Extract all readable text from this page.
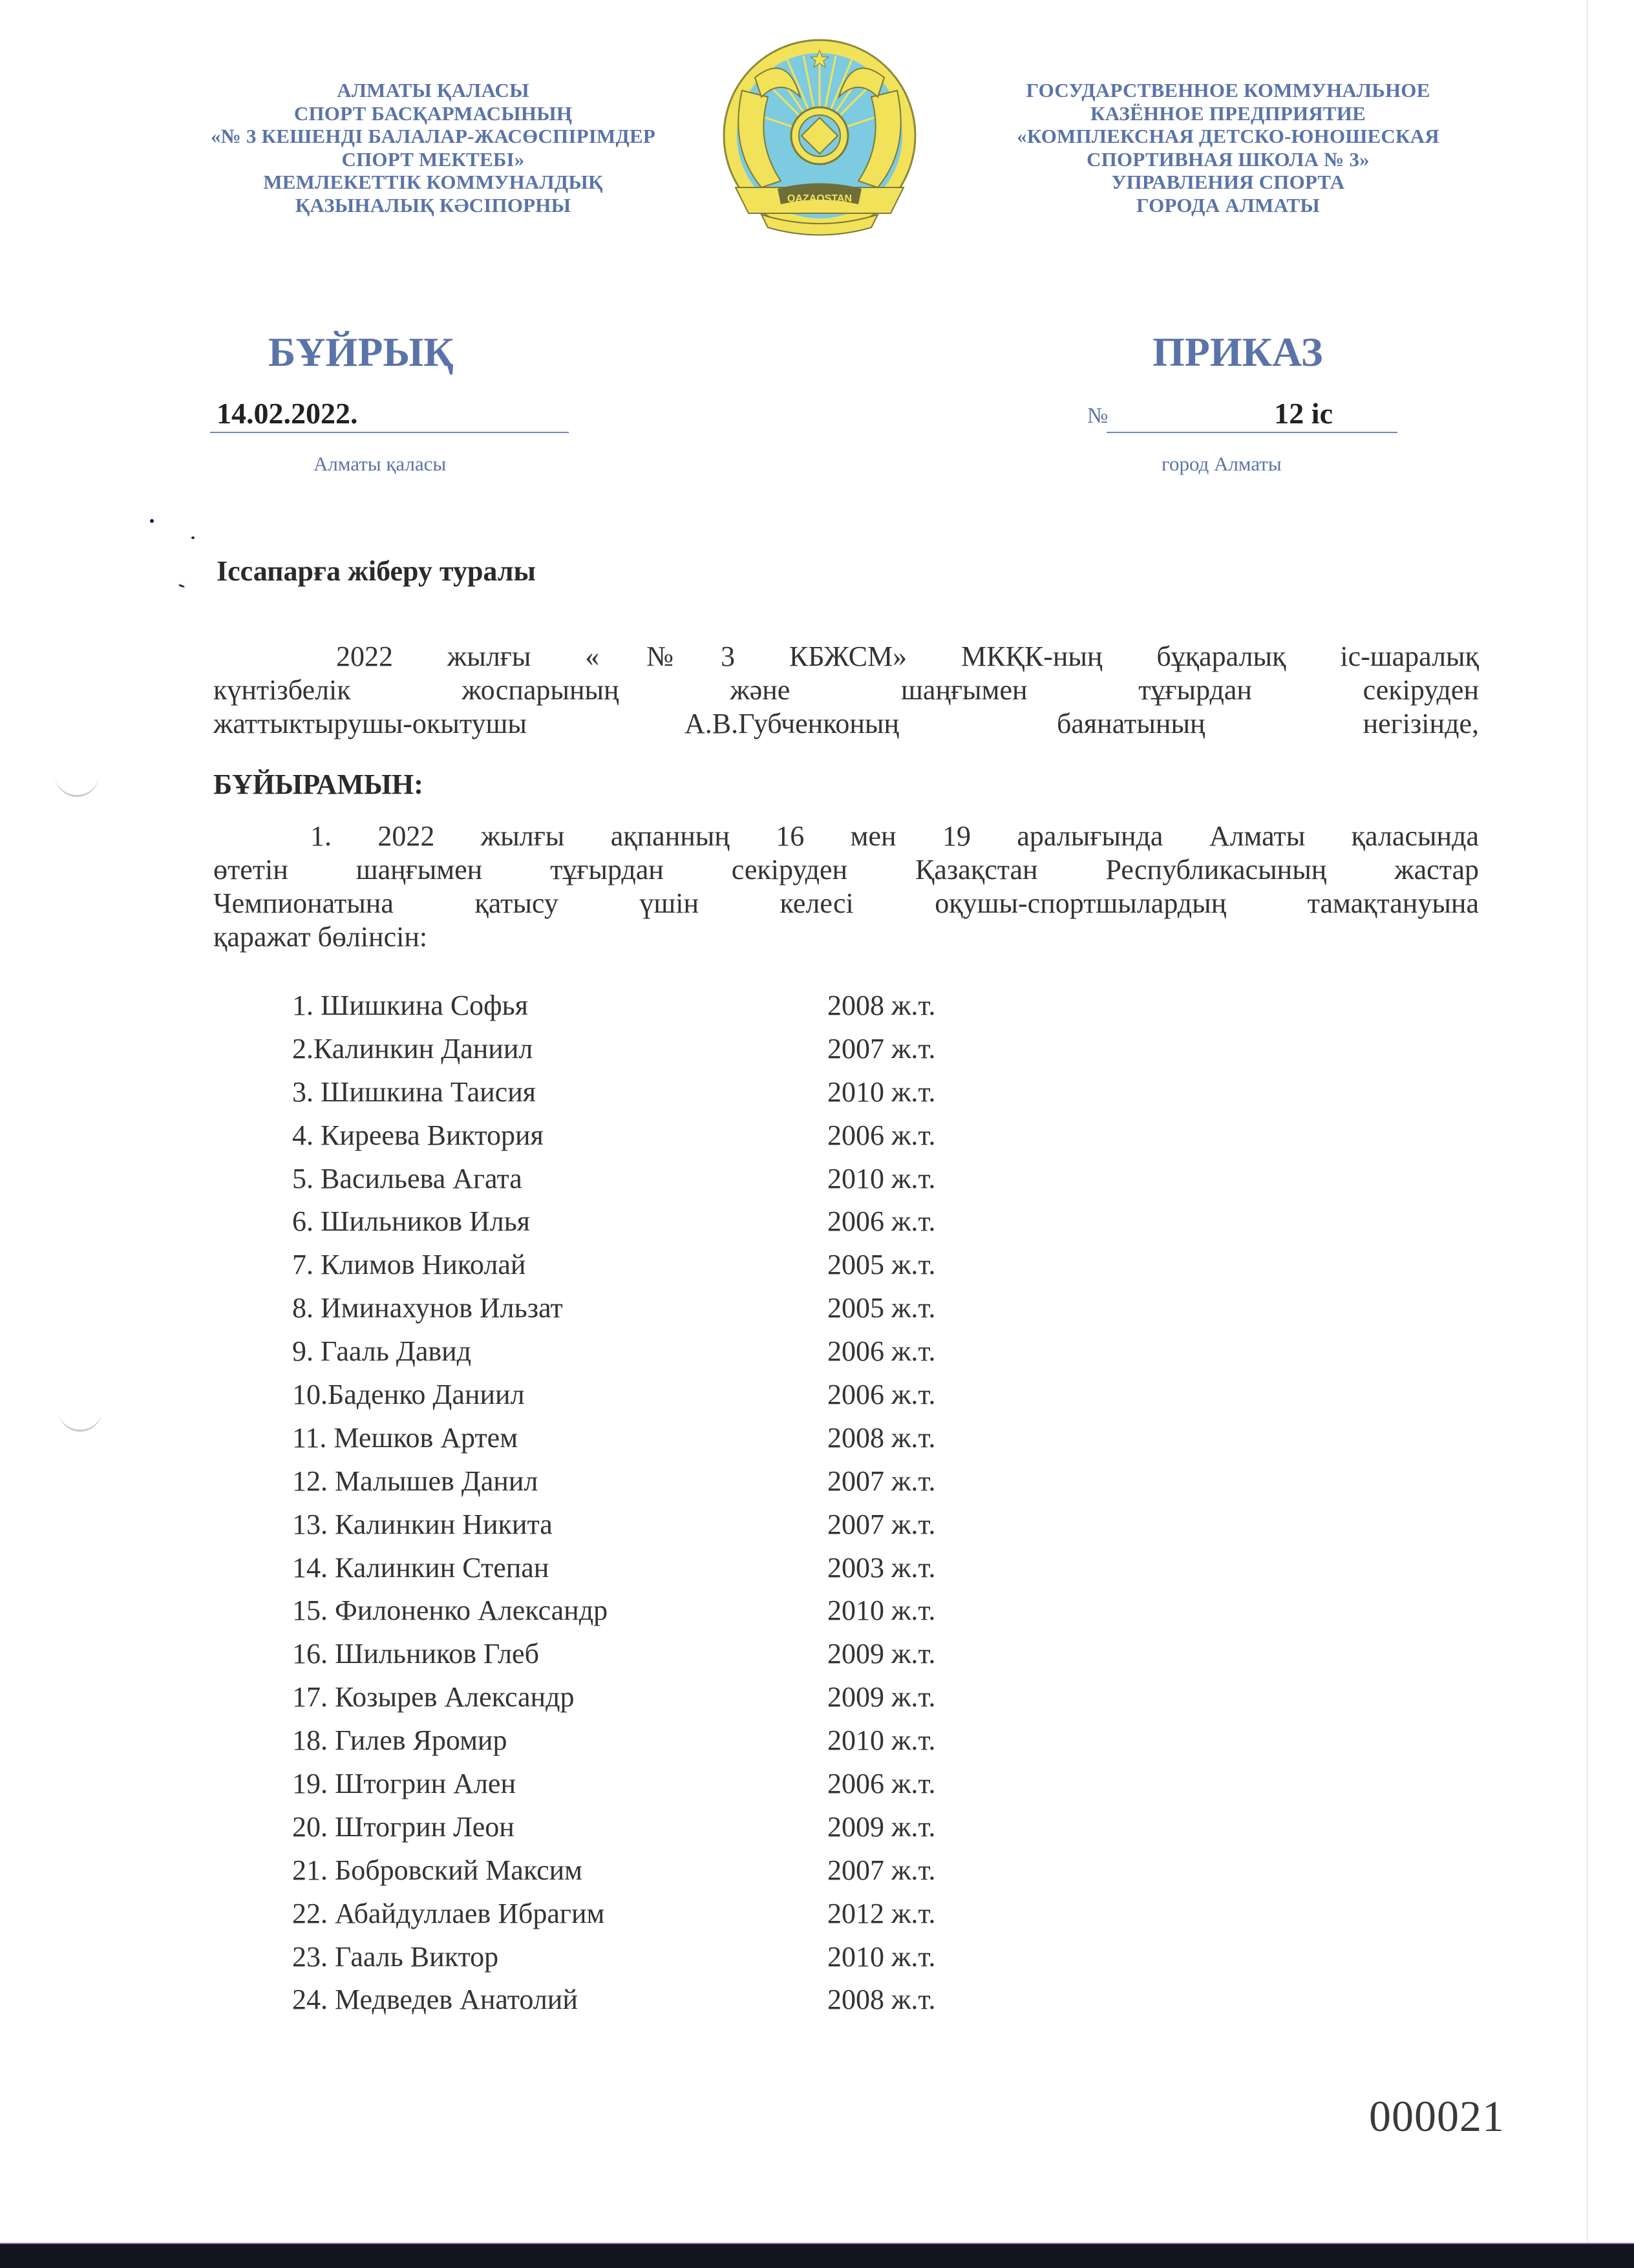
АЛМАТЫ ҚАЛАСЫ
СПОРТ БАСҚАРМАСЫНЫҢ
«№ 3 КЕШЕНДІ БАЛАЛАР-ЖАСӨСПІРІМДЕР
СПОРТ МЕКТЕБІ»
МЕМЛЕКЕТТІК КОММУНАЛДЫҚ
ҚАЗЫНАЛЫҚ КӘСІПОРНЫ	QAZAQSTAN
ГОСУДАРСТВЕННОЕ КОММУНАЛЬНОЕ
КАЗЁННОЕ ПРЕДПРИЯТИЕ
«КОМПЛЕКСНАЯ ДЕТСКО-ЮНОШЕСКАЯ
СПОРТИВНАЯ ШКОЛА № 3»
УПРАВЛЕНИЯ СПОРТА
ГОРОДА АЛМАТЫ
БҰЙРЫҚ	ПРИКАЗ
14.02.2022.	№	12 іс
Алматы қаласы	город Алматы
Іссапарға жіберу туралы
2022 жылғы «№3 КБЖСМ» МКҚК-ның бұқаралық іс-шаралық
күнтізбелік жоспарының және шаңғымен тұғырдан секіруден
жаттыктырушы-окытушы А.В.Губченконың баянатының негізінде,
БҰЙЫРАМЫН:
1. 2022 жылғы ақпанның 16 мен 19 аралығында Алматы қаласында
өтетін шаңғымен тұғырдан секіруден Қазақстан Республикасының жастар
Чемпионатына қатысу үшін келесі оқушы-спортшылардың тамақтануына
қаражат бөлінсін:
1. Шишкина Софья	2008 ж.т.
2.Калинкин Даниил	2007 ж.т.
3. Шишкина Таисия	2010 ж.т.
4. Киреева Виктория	2006 ж.т.
5. Васильева Агата	2010 ж.т.
6. Шильников Илья	2006 ж.т.
7. Климов Николай	2005 ж.т.
8. Иминахунов Ильзат	2005 ж.т.
9. Гааль Давид	2006 ж.т.
10.Баденко Даниил	2006 ж.т.
11. Мешков Артем	2008 ж.т.
12. Малышев Данил	2007 ж.т.
13. Калинкин Никита	2007 ж.т.
14. Калинкин Степан	2003 ж.т.
15. Филоненко Александр	2010 ж.т.
16. Шильников Глеб	2009 ж.т.
17. Козырев Александр	2009 ж.т.
18. Гилев Яромир	2010 ж.т.
19. Штогрин Ален	2006 ж.т.
20. Штогрин Леон	2009 ж.т.
21. Бобровский Максим	2007 ж.т.
22. Абайдуллаев Ибрагим	2012 ж.т.
23. Гааль Виктор	2010 ж.т.
24. Медведев Анатолий	2008 ж.т.
000021
